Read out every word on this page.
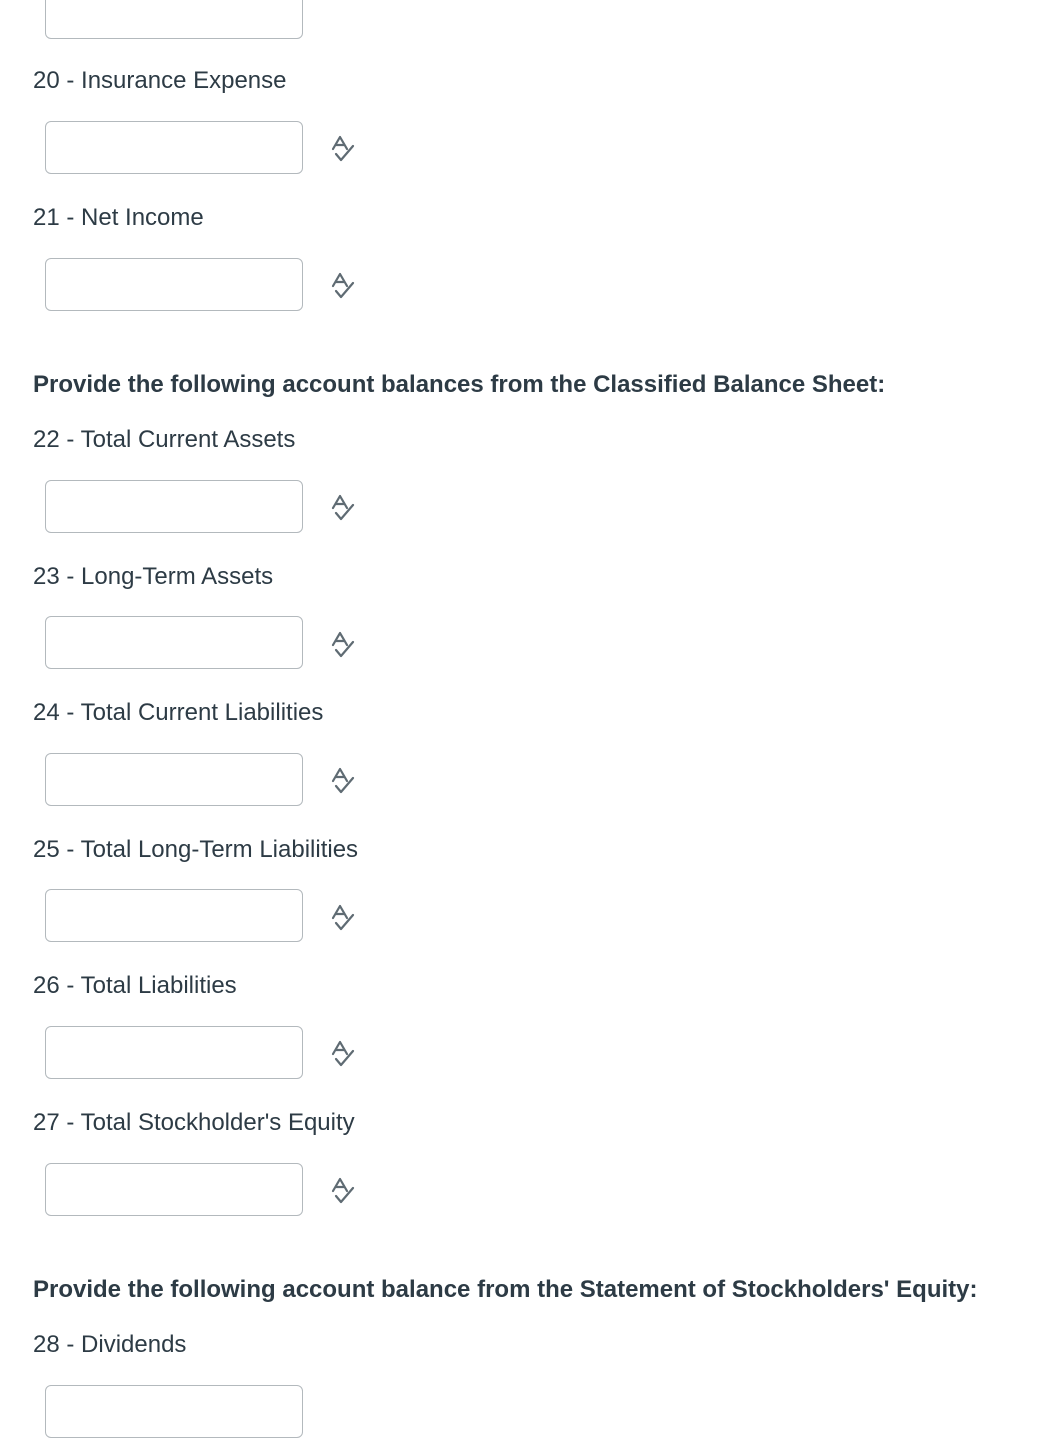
20 - Insurance Expense
21 - Net Income
Provide the following account balances from the Classified Balance Sheet:
22 - Total Current Assets
23 - Long-Term Assets
24 - Total Current Liabilities
25 - Total Long-Term Liabilities
26 - Total Liabilities
27 - Total Stockholder's Equity
Provide the following account balance from the Statement of Stockholders' Equity:
28 - Dividends
